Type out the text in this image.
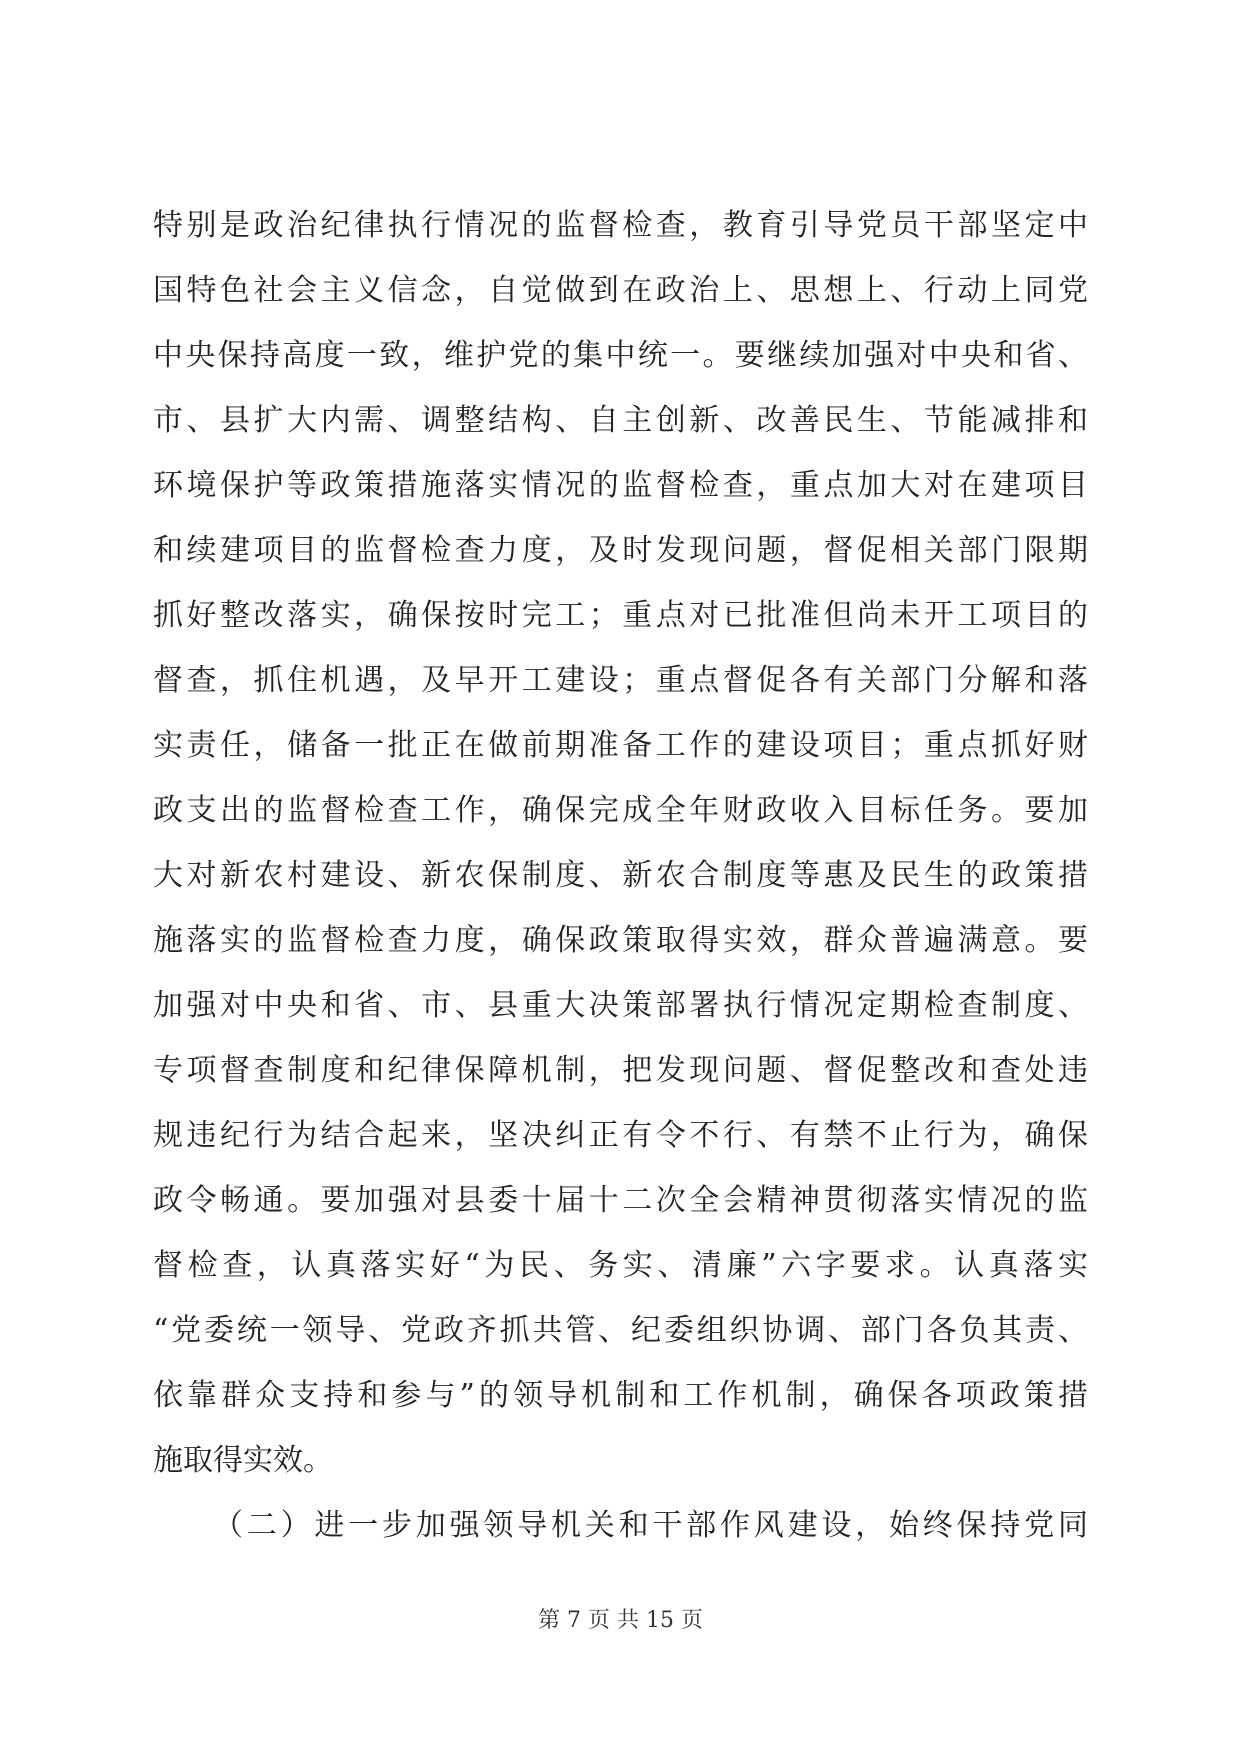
特别是政治纪律执行情况的监督检查，教育引导党员干部坚定中
国特色社会主义信念，自觉做到在政治上、思想上、行动上同党
中央保持高度一致，维护党的集中统一。要继续加强对中央和省、
市、县扩大内需、调整结构、自主创新、改善民生、节能减排和
环境保护等政策措施落实情况的监督检查，重点加大对在建项目
和续建项目的监督检查力度，及时发现问题，督促相关部门限期
抓好整改落实，确保按时完工；重点对已批准但尚未开工项目的
督查，抓住机遇，及早开工建设；重点督促各有关部门分解和落
实责任，储备一批正在做前期准备工作的建设项目；重点抓好财
政支出的监督检查工作，确保完成全年财政收入目标任务。要加
大对新农村建设、新农保制度、新农合制度等惠及民生的政策措
施落实的监督检查力度，确保政策取得实效，群众普遍满意。要
加强对中央和省、市、县重大决策部署执行情况定期检查制度、
专项督查制度和纪律保障机制，把发现问题、督促整改和查处违
规违纪行为结合起来，坚决纠正有令不行、有禁不止行为，确保
政令畅通。要加强对县委十届十二次全会精神贯彻落实情况的监
督检查，认真落实好“为民、务实、清廉”六字要求。认真落实
“党委统一领导、党政齐抓共管、纪委组织协调、部门各负其责、
依靠群众支持和参与”的领导机制和工作机制，确保各项政策措
施取得实效。
（二）进一步加强领导机关和干部作风建设，始终保持党同
第 7 页 共 15 页
